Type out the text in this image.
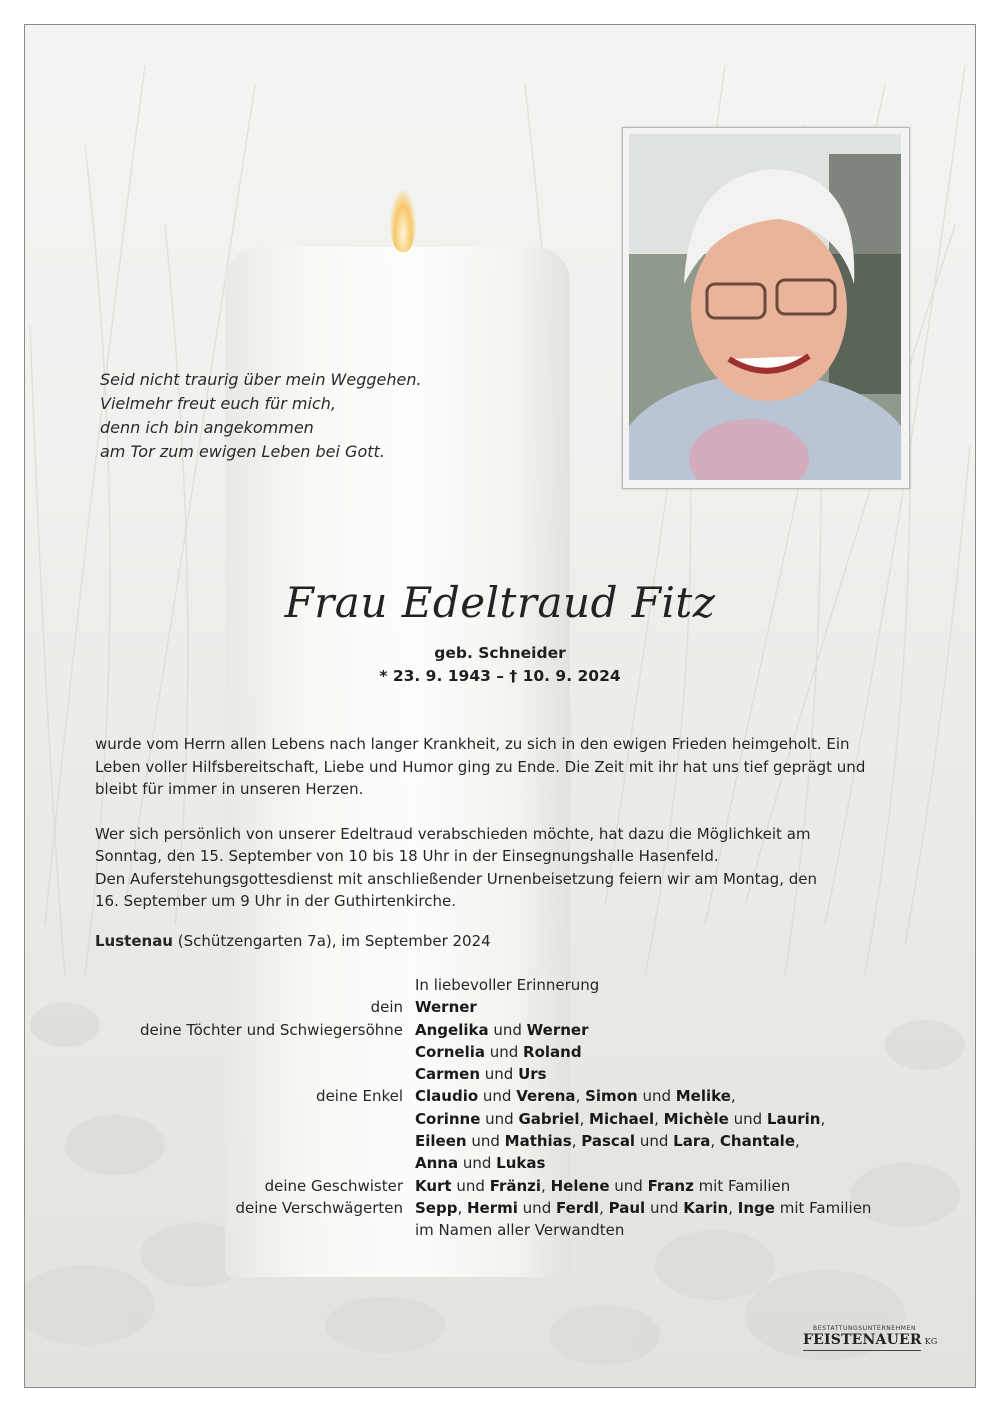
Seid nicht traurig über mein Weggehen.
Vielmehr freut euch für mich,
denn ich bin angekommen
am Tor zum ewigen Leben bei Gott.
Frau Edeltraud Fitz
geb. Schneider
* 23. 9. 1943 – † 10. 9. 2024
wurde vom Herrn allen Lebens nach langer Krankheit, zu sich in den ewigen Frieden heimgeholt. Ein
Leben voller Hilfsbereitschaft, Liebe und Humor ging zu Ende. Die Zeit mit ihr hat uns tief geprägt und
bleibt für immer in unseren Herzen.
Wer sich persönlich von unserer Edeltraud verabschieden möchte, hat dazu die Möglichkeit am
Sonntag, den 15. September von 10 bis 18 Uhr in der Einsegnungshalle Hasenfeld.
Den Auferstehungsgottesdienst mit anschließender Urnenbeisetzung feiern wir am Montag, den
16. September um 9 Uhr in der Guthirtenkirche.
Lustenau (Schützengarten 7a), im September 2024
In liebevoller Erinnerung
dein Werner
deine Töchter und Schwiegersöhne Angelika und Werner
Cornelia und Roland
Carmen und Urs
deine Enkel Claudio und Verena, Simon und Melike,
Corinne und Gabriel, Michael, Michèle und Laurin,
Eileen und Mathias, Pascal und Lara, Chantale,
Anna und Lukas
deine Geschwister Kurt und Fränzi, Helene und Franz mit Familien
deine Verschwägerten Sepp, Hermi und Ferdl, Paul und Karin, Inge mit Familien
im Namen aller Verwandten
BESTATTUNGSUNTERNEHMEN
FEISTENAUER KG
